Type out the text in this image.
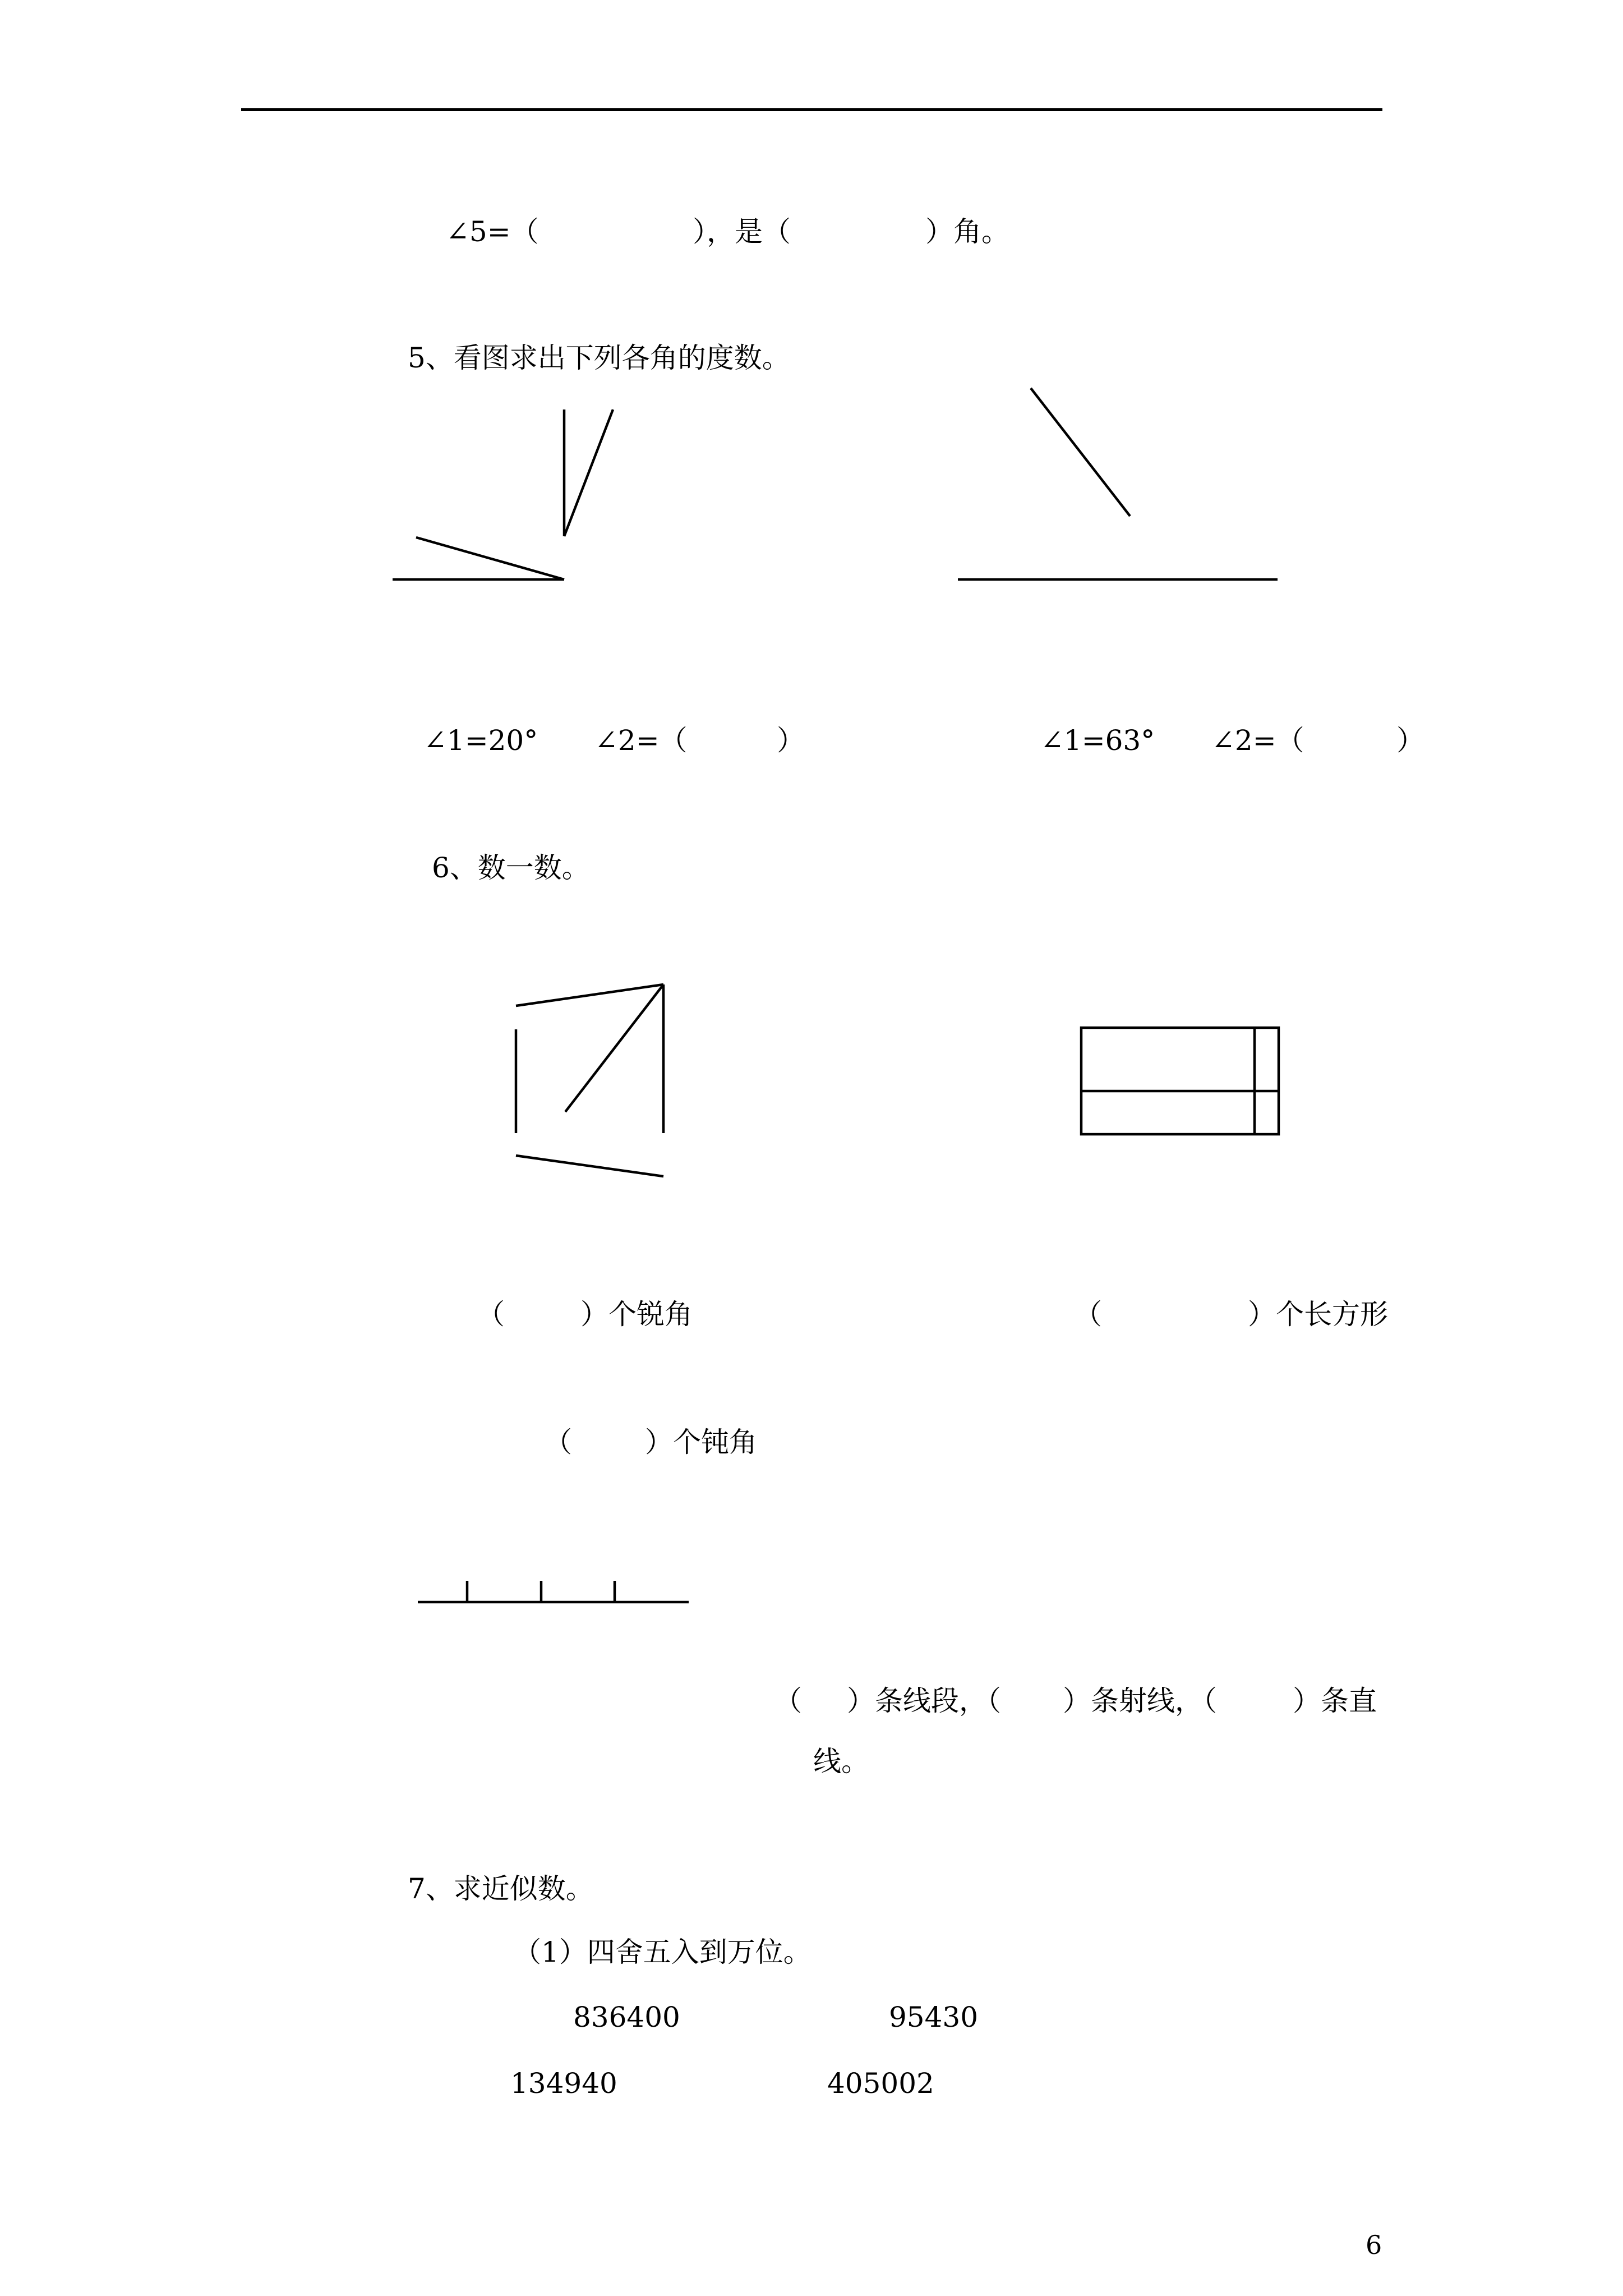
∠5=（	），是（	）角。
5、看图求出下列各角的度数。
∠1=20° ∠2=（	）	∠1=63° ∠2=（	）
6、数一数。
（	）个锐角	（	）个长方形
（	）个钝角
（ ）条线段，（ ）条射线，（	）条直
线。
7、求近似数。
（1）四舍五入到万位。
836400	95430
134940	405002
6
